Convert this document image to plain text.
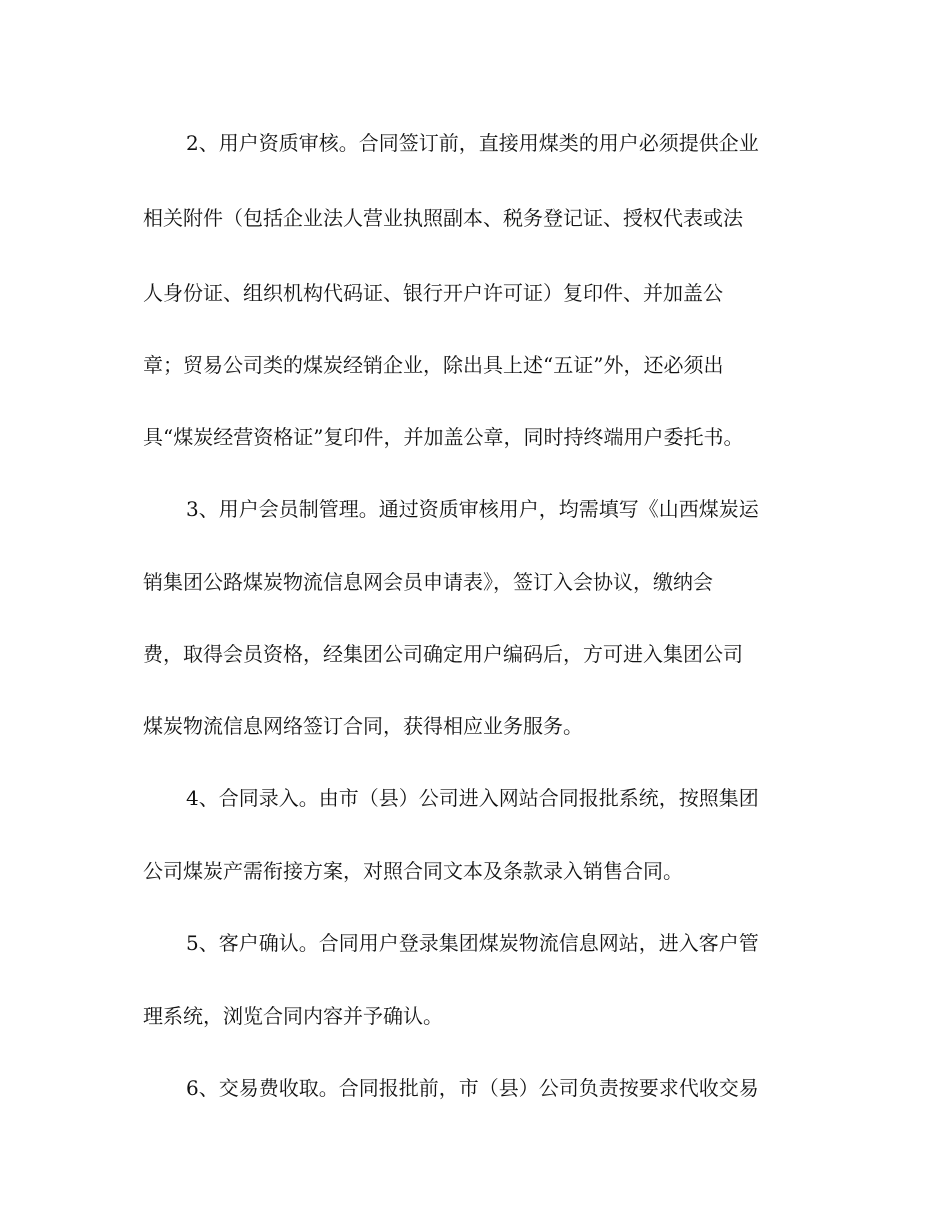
2、用户资质审核。合同签订前，直接用煤类的用户必须提供企业

相关附件（包括企业法人营业执照副本、税务登记证、授权代表或法

人身份证、组织机构代码证、银行开户许可证）复印件、并加盖公

章；贸易公司类的煤炭经销企业，除出具上述“五证”外，还必须出

具“煤炭经营资格证”复印件，并加盖公章，同时持终端用户委托书。

3、用户会员制管理。通过资质审核用户，均需填写《山西煤炭运

销集团公路煤炭物流信息网会员申请表》，签订入会协议，缴纳会

费，取得会员资格，经集团公司确定用户编码后，方可进入集团公司

煤炭物流信息网络签订合同，获得相应业务服务。

4、合同录入。由市（县）公司进入网站合同报批系统，按照集团

公司煤炭产需衔接方案，对照合同文本及条款录入销售合同。

5、客户确认。合同用户登录集团煤炭物流信息网站，进入客户管

理系统，浏览合同内容并予确认。

6、交易费收取。合同报批前，市（县）公司负责按要求代收交易
